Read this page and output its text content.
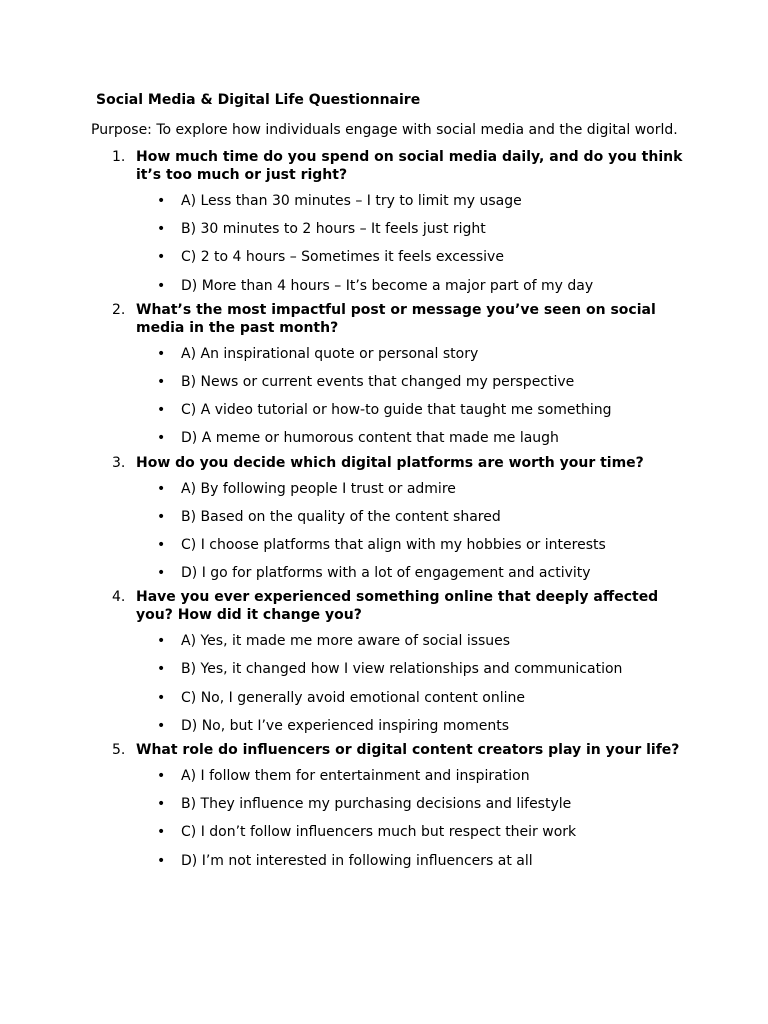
Social Media & Digital Life Questionnaire
Purpose: To explore how individuals engage with social media and the digital world.
1. How much time do you spend on social media daily, and do you think it’s too much or just right?
• A) Less than 30 minutes – I try to limit my usage
• B) 30 minutes to 2 hours – It feels just right
• C) 2 to 4 hours – Sometimes it feels excessive
• D) More than 4 hours – It’s become a major part of my day
2. What’s the most impactful post or message you’ve seen on social media in the past month?
• A) An inspirational quote or personal story
• B) News or current events that changed my perspective
• C) A video tutorial or how-to guide that taught me something
• D) A meme or humorous content that made me laugh
3. How do you decide which digital platforms are worth your time?
• A) By following people I trust or admire
• B) Based on the quality of the content shared
• C) I choose platforms that align with my hobbies or interests
• D) I go for platforms with a lot of engagement and activity
4. Have you ever experienced something online that deeply affected you? How did it change you?
• A) Yes, it made me more aware of social issues
• B) Yes, it changed how I view relationships and communication
• C) No, I generally avoid emotional content online
• D) No, but I’ve experienced inspiring moments
5. What role do influencers or digital content creators play in your life?
• A) I follow them for entertainment and inspiration
• B) They influence my purchasing decisions and lifestyle
• C) I don’t follow influencers much but respect their work
• D) I’m not interested in following influencers at all
